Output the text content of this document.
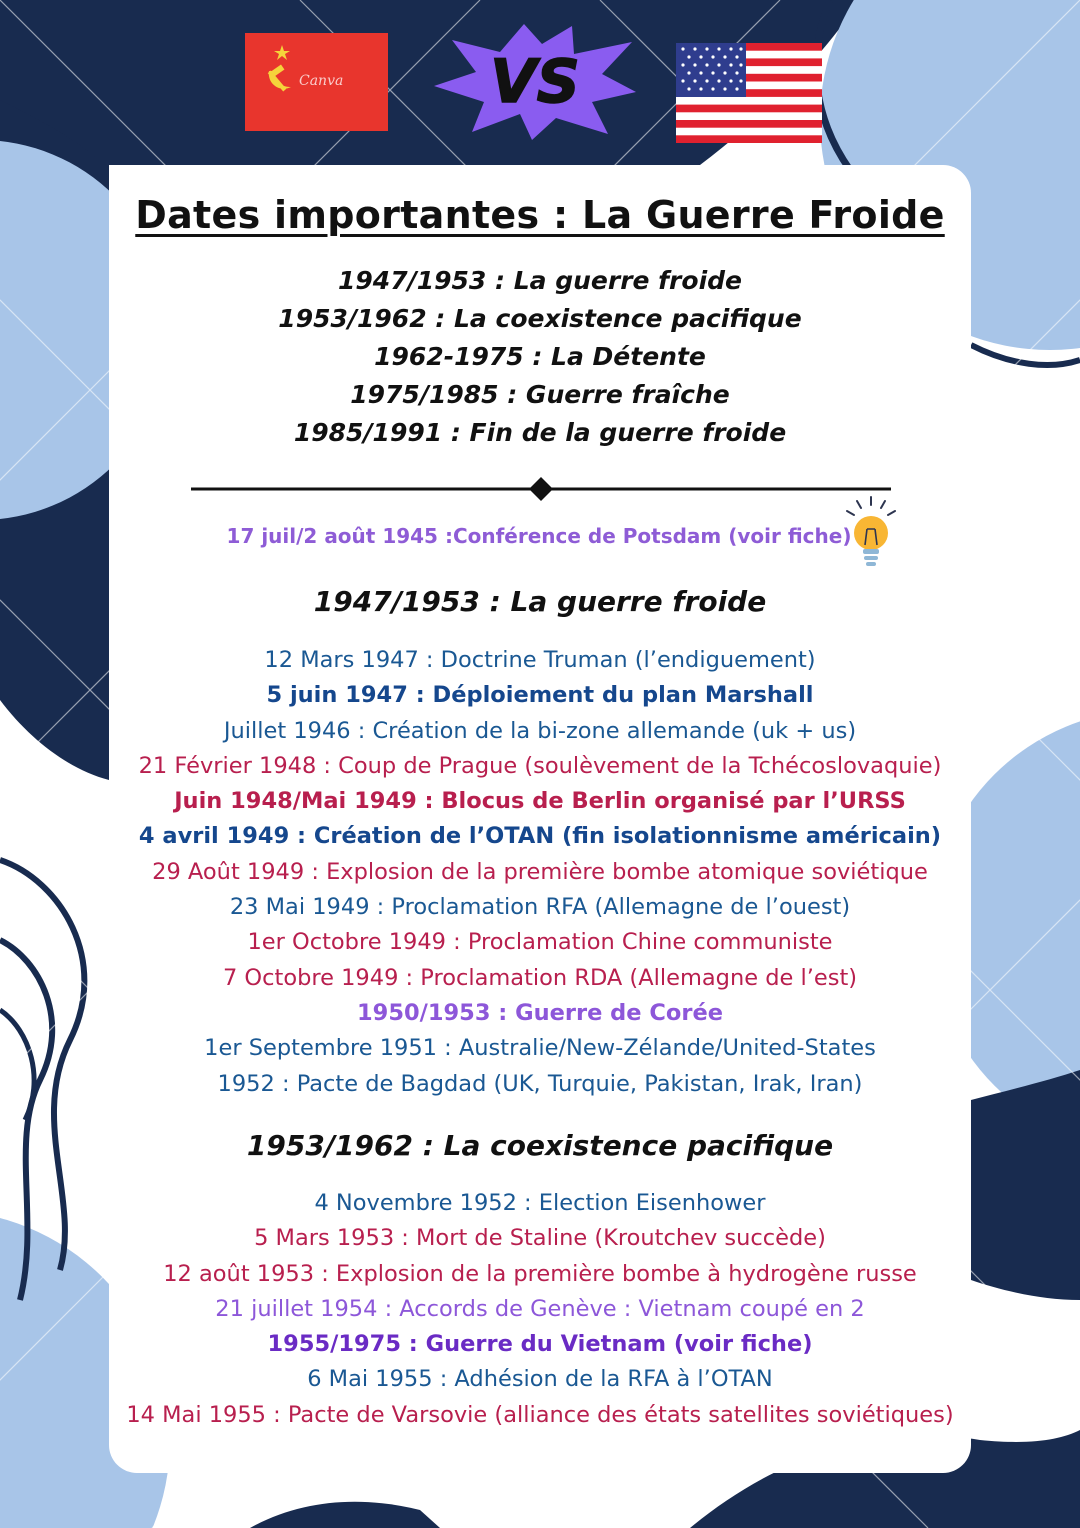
Canva VS
Dates importantes : La Guerre Froide
1947/1953 : La guerre froide
1953/1962 : La coexistence pacifique
1962-1975 : La Détente
1975/1985 : Guerre fraîche
1985/1991 : Fin de la guerre froide
17 juil/2 août 1945 :Conférence de Potsdam (voir fiche)
1947/1953 : La guerre froide
12 Mars 1947 : Doctrine Truman (l’endiguement)
5 juin 1947 : Déploiement du plan Marshall
Juillet 1946 : Création de la bi-zone allemande (uk + us)
21 Février 1948 : Coup de Prague (soulèvement de la Tchécoslovaquie)
Juin 1948/Mai 1949 : Blocus de Berlin organisé par l’URSS
4 avril 1949 : Création de l’OTAN (fin isolationnisme américain)
29 Août 1949 : Explosion de la première bombe atomique soviétique
23 Mai 1949 : Proclamation RFA (Allemagne de l’ouest)
1er Octobre 1949 : Proclamation Chine communiste
7 Octobre 1949 : Proclamation RDA (Allemagne de l’est)
1950/1953 : Guerre de Corée
1er Septembre 1951 : Australie/New-Zélande/United-States
1952 : Pacte de Bagdad (UK, Turquie, Pakistan, Irak, Iran)
1953/1962 : La coexistence pacifique
4 Novembre 1952 : Election Eisenhower
5 Mars 1953 : Mort de Staline (Kroutchev succède)
12 août 1953 : Explosion de la première bombe à hydrogène russe
21 juillet 1954 : Accords de Genève : Vietnam coupé en 2
1955/1975 : Guerre du Vietnam (voir fiche)
6 Mai 1955 : Adhésion de la RFA à l’OTAN
14 Mai 1955 : Pacte de Varsovie (alliance des états satellites soviétiques)
